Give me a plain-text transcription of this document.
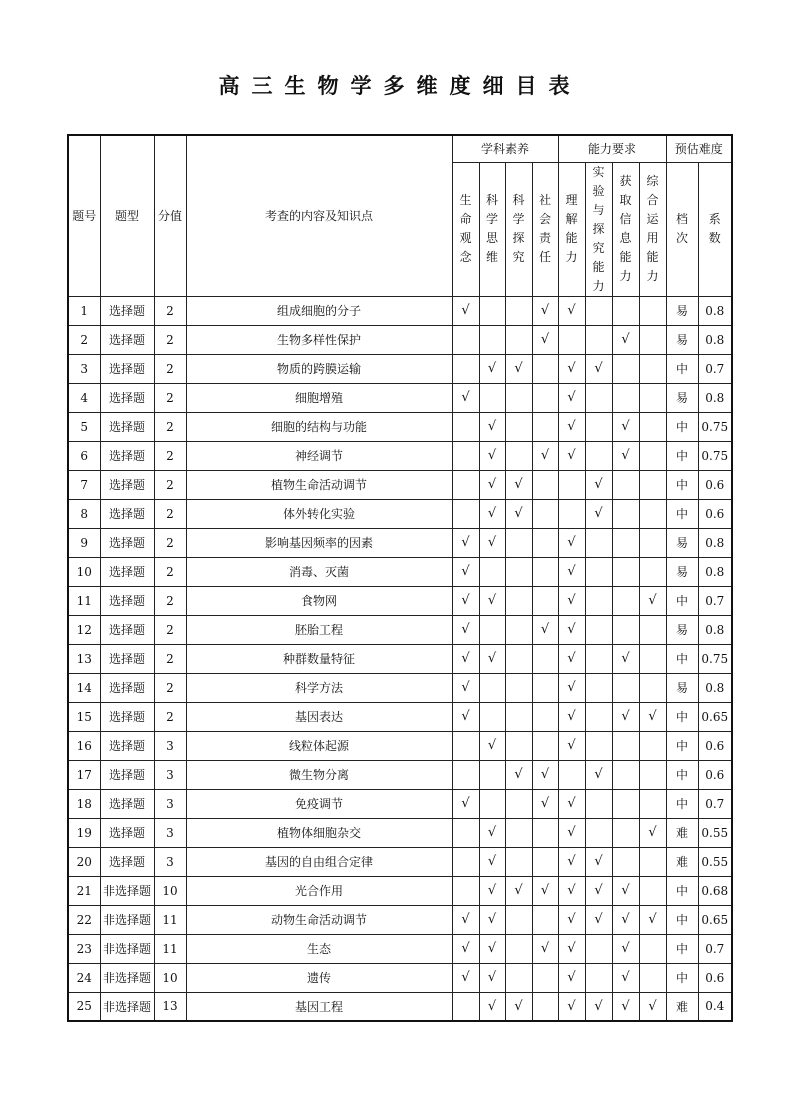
高三生物学多维度细目表
题号	题型	分值	考查的内容及知识点	学科素养				能力要求				预估难度	
				生命观念	科学思维	科学探究	社会责任	理解能力	实验与探究能力	获取信息能力	综合运用能力	档次	系数
1	选择题	2	组成细胞的分子	√			√	√				易	0.8
2	选择题	2	生物多样性保护				√			√		易	0.8
3	选择题	2	物质的跨膜运输		√	√		√	√			中	0.7
4	选择题	2	细胞增殖	√				√				易	0.8
5	选择题	2	细胞的结构与功能		√			√		√		中	0.75
6	选择题	2	神经调节		√		√	√		√		中	0.75
7	选择题	2	植物生命活动调节		√	√			√			中	0.6
8	选择题	2	体外转化实验		√	√			√			中	0.6
9	选择题	2	影响基因频率的因素	√	√			√				易	0.8
10	选择题	2	消毒、灭菌	√				√				易	0.8
11	选择题	2	食物网	√	√			√			√	中	0.7
12	选择题	2	胚胎工程	√			√	√				易	0.8
13	选择题	2	种群数量特征	√	√			√		√		中	0.75
14	选择题	2	科学方法	√				√				易	0.8
15	选择题	2	基因表达	√				√		√	√	中	0.65
16	选择题	3	线粒体起源		√			√				中	0.6
17	选择题	3	微生物分离			√	√		√			中	0.6
18	选择题	3	免疫调节	√			√	√				中	0.7
19	选择题	3	植物体细胞杂交		√			√			√	难	0.55
20	选择题	3	基因的自由组合定律		√			√	√			难	0.55
21	非选择题	10	光合作用		√	√	√	√	√	√		中	0.68
22	非选择题	11	动物生命活动调节	√	√			√	√	√	√	中	0.65
23	非选择题	11	生态	√	√		√	√		√		中	0.7
24	非选择题	10	遗传	√	√			√		√		中	0.6
25	非选择题	13	基因工程		√	√		√	√	√	√	难	0.4
